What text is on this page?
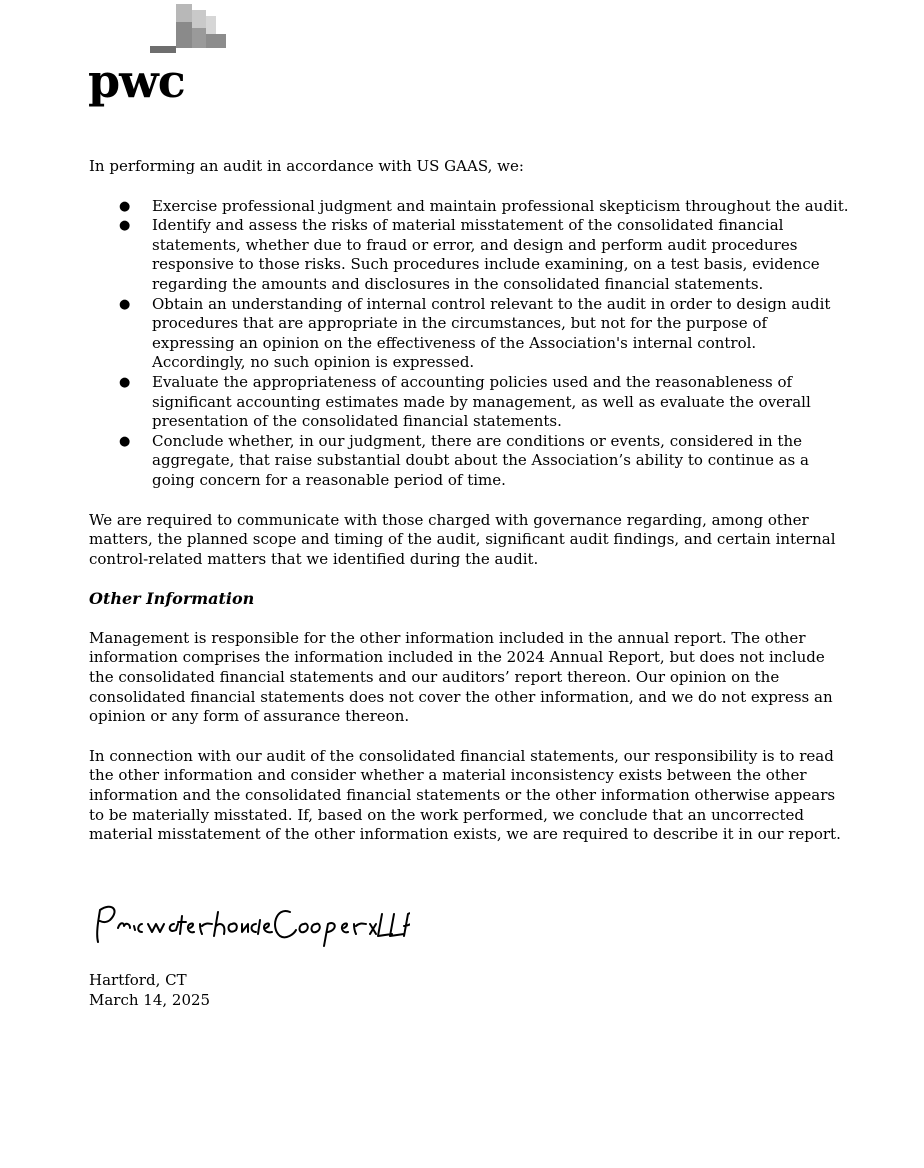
pwc

In performing an audit in accordance with US GAAS, we:

● Exercise professional judgment and maintain professional skepticism throughout the audit.
● Identify and assess the risks of material misstatement of the consolidated financial statements, whether due to fraud or error, and design and perform audit procedures responsive to those risks. Such procedures include examining, on a test basis, evidence regarding the amounts and disclosures in the consolidated financial statements.
● Obtain an understanding of internal control relevant to the audit in order to design audit procedures that are appropriate in the circumstances, but not for the purpose of expressing an opinion on the effectiveness of the Association's internal control. Accordingly, no such opinion is expressed.
● Evaluate the appropriateness of accounting policies used and the reasonableness of significant accounting estimates made by management, as well as evaluate the overall presentation of the consolidated financial statements.
● Conclude whether, in our judgment, there are conditions or events, considered in the aggregate, that raise substantial doubt about the Association’s ability to continue as a going concern for a reasonable period of time.

We are required to communicate with those charged with governance regarding, among other matters, the planned scope and timing of the audit, significant audit findings, and certain internal control-related matters that we identified during the audit.

Other Information

Management is responsible for the other information included in the annual report. The other information comprises the information included in the 2024 Annual Report, but does not include the consolidated financial statements and our auditors’ report thereon. Our opinion on the consolidated financial statements does not cover the other information, and we do not express an opinion or any form of assurance thereon.

In connection with our audit of the consolidated financial statements, our responsibility is to read the other information and consider whether a material inconsistency exists between the other information and the consolidated financial statements or the other information otherwise appears to be materially misstated. If, based on the work performed, we conclude that an uncorrected material misstatement of the other information exists, we are required to describe it in our report.

Hartford, CT
March 14, 2025
